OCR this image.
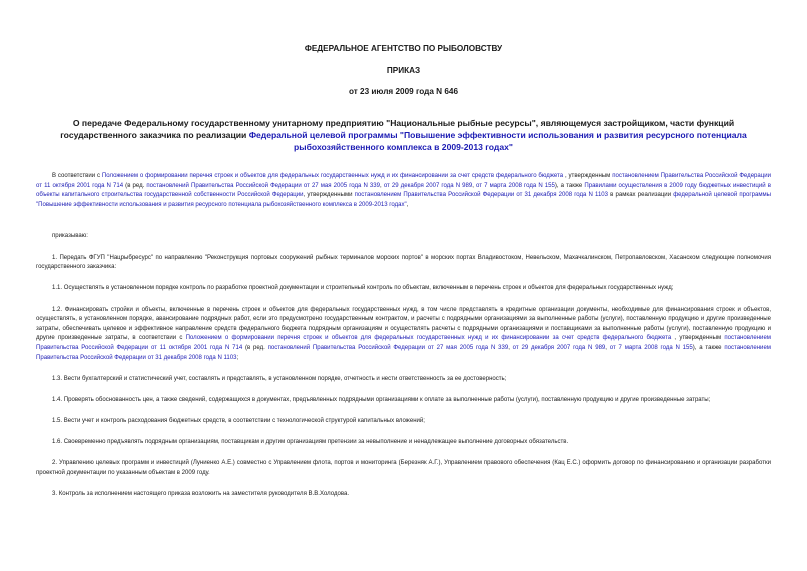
ФЕДЕРАЛЬНОЕ АГЕНТСТВО ПО РЫБОЛОВСТВУ
ПРИКАЗ
от 23 июля 2009 года N 646
О передаче Федеральному государственному унитарному предприятию "Национальные рыбные ресурсы", являющемуся застройщиком, части функций государственного заказчика по реализации Федеральной целевой программы "Повышение эффективности использования и развития ресурсного потенциала рыбохозяйственного комплекса в 2009-2013 годах"

В соответствии с Положением о формировании перечня строек и объектов для федеральных государственных нужд и их финансировании за счет средств федерального бюджета , утвержденным постановлением Правительства Российской Федерации от 11 октября 2001 года N 714 (в ред. постановлений Правительства Российской Федерации от 27 мая 2005 года N 339, от 29 декабря 2007 года N 989, от 7 марта 2008 года N 155), а также Правилами осуществления в 2009 году бюджетных инвестиций в объекты капитального строительства государственной собственности Российской Федерации, утвержденными постановлением Правительства Российской Федерации от 31 декабря 2008 года N 1103 в рамках реализации федеральной целевой программы "Повышение эффективности использования и развития ресурсного потенциала рыбохозяйственного комплекса в 2009-2013 годах",

приказываю:

1. Передать ФГУП "Нацрыбресурс" по направлению "Реконструкция портовых сооружений рыбных терминалов морских портов" в морских портах Владивостоком, Невельском, Махачкалинском, Петропавловском, Хасанском следующие полномочия государственного заказчика:

1.1. Осуществлять в установленном порядке контроль по разработке проектной документации и строительный контроль по объектам, включенным в перечень строек и объектов для федеральных государственных нужд;

1.2. Финансировать стройки и объекты, включенные в перечень строек и объектов для федеральных государственных нужд, в том числе представлять в кредитные организации документы, необходимые для финансирования строек и объектов, осуществлять, в установленном порядке, авансирование подрядных работ, если это предусмотрено государственным контрактом, и расчеты с подрядными организациями за выполненные работы (услуги), поставленную продукцию и другие произведенные затраты, обеспечивать целевое и эффективное направление средств федерального бюджета подрядным организациям и осуществлять расчеты с подрядными организациями и поставщиками за выполненные работы (услуги), поставленную продукцию и другие произведенные затраты, в соответствии с Положением о формировании перечня строек и объектов для федеральных государственных нужд и их финансировании за счет средств федерального бюджета , утвержденным постановлением Правительства Российской Федерации от 11 октября 2001 года N 714 (в ред. постановлений Правительства Российской Федерации от 27 мая 2005 года N 339, от 29 декабря 2007 года N 989, от 7 марта 2008 года N 155), а также постановлением Правительства Российской Федерации от 31 декабря 2008 года N 1103;

1.3. Вести бухгалтерский и статистический учет, составлять и представлять, в установленном порядке, отчетность и нести ответственность за ее достоверность;

1.4. Проверять обоснованность цен, а также сведений, содержащихся в документах, предъявленных подрядными организациями к оплате за выполненные работы (услуги), поставленную продукцию и другие произведенные затраты;

1.5. Вести учет и контроль расходования бюджетных средств, в соответствии с технологической структурой капитальных вложений;

1.6. Своевременно предъявлять подрядным организациям, поставщикам и другим организациям претензии за невыполнение и ненадлежащее выполнение договорных обязательств.

2. Управлению целевых программ и инвестиций (Луниенко А.Е.) совместно с Управлением флота, портов и мониторинга (Березняк А.Г.), Управлением правового обеспечения (Кац Е.С.) оформить договор по финансированию и организации разработки проектной документации по указанным объектам в 2009 году.

3. Контроль за исполнением настоящего приказа возложить на заместителя руководителя В.В.Холодова.
